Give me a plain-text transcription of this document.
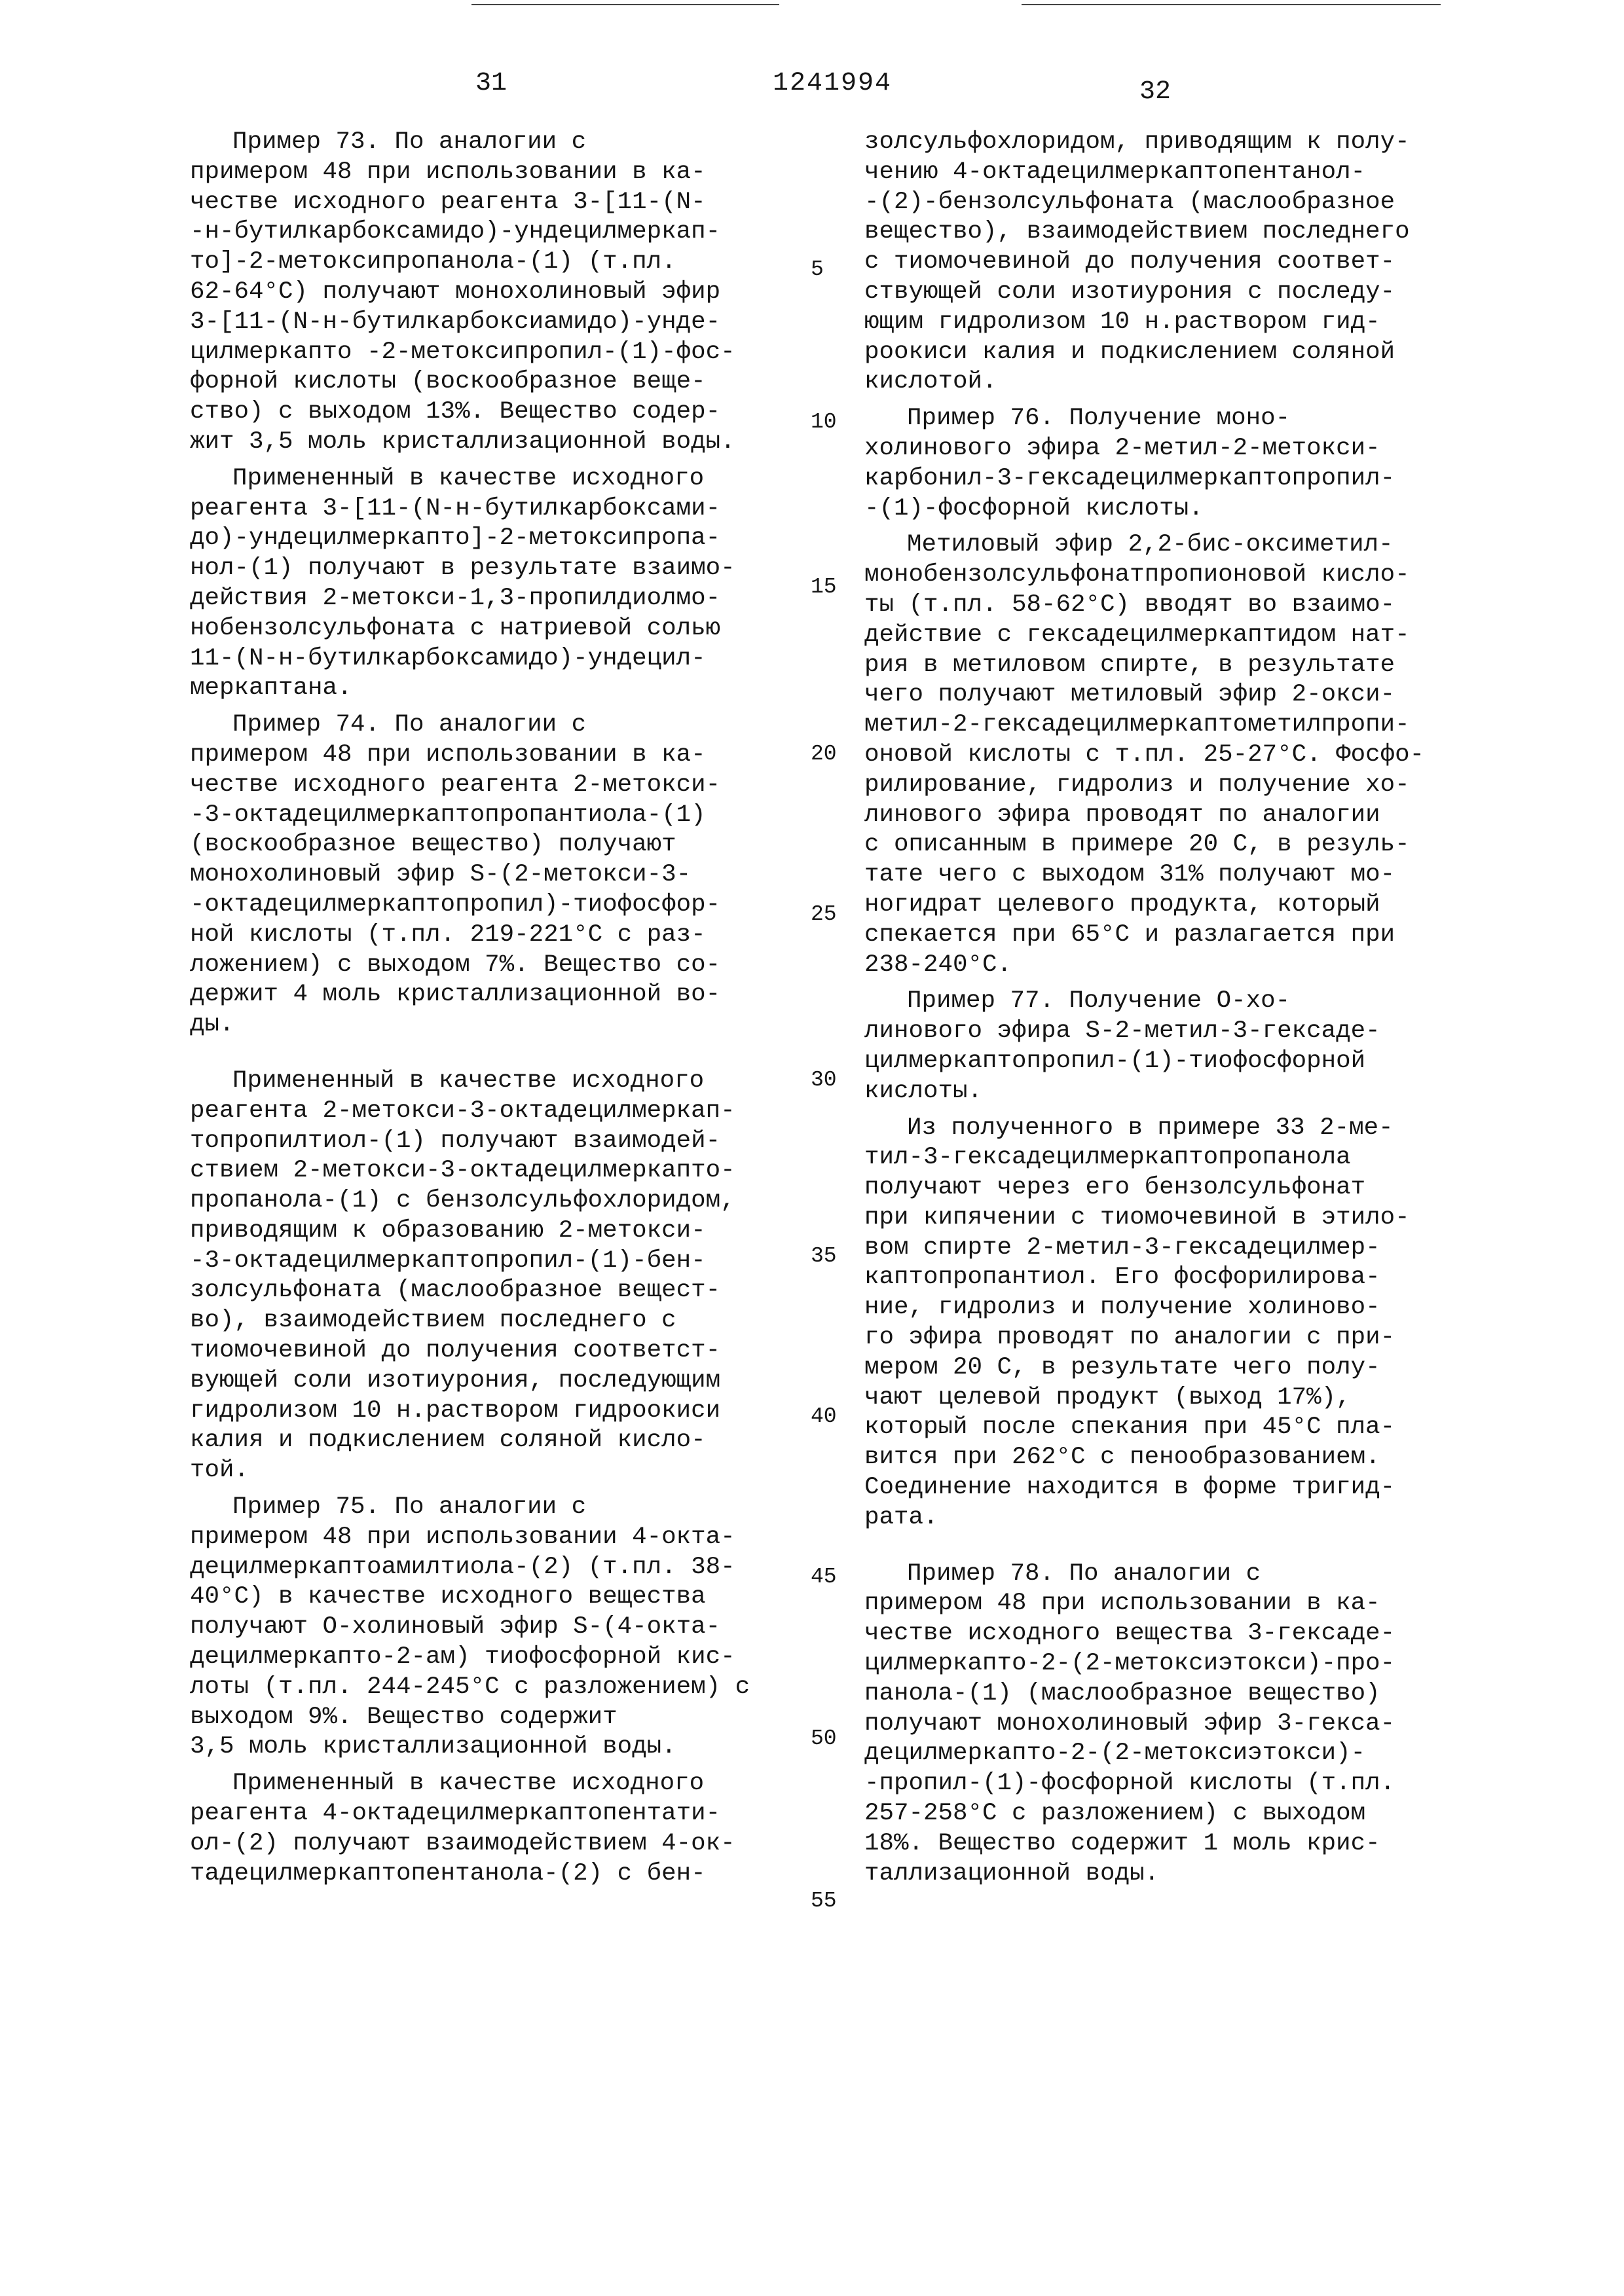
31	1241994	32

Пример 73. По аналогии с
примером 48 при использовании в ка-
честве исходного реагента 3-[11-(N-
-н-бутилкарбоксамидо)-ундецилмеркап-
то]-2-метоксипропанола-(1) (т.пл.
62-64°С) получают монохолиновый эфир
3-[11-(N-н-бутилкарбоксиамидо)-унде-
цилмеркапто -2-метоксипропил-(1)-фос-
форной кислоты (воскообразное веще-
ство) с выходом 13%. Вещество содер-
жит 3,5 моль кристаллизационной воды.

Примененный в качестве исходного
реагента 3-[11-(N-н-бутилкарбоксами-
до)-ундецилмеркапто]-2-метоксипропа-
нол-(1) получают в результате взаимо-
действия 2-метокси-1,3-пропилдиолмо-
нобензолсульфоната с натриевой солью
11-(N-н-бутилкарбоксамидо)-ундецил-
меркаптана.

Пример 74. По аналогии с
примером 48 при использовании в ка-
честве исходного реагента 2-метокси-
-3-октадецилмеркаптопропантиола-(1)
(воскообразное вещество) получают
монохолиновый эфир S-(2-метокси-3-
-октадецилмеркаптопропил)-тиофосфор-
ной кислоты (т.пл. 219-221°С с раз-
ложением) с выходом 7%. Вещество со-
держит 4 моль кристаллизационной во-
ды.

Примененный в качестве исходного
реагента 2-метокси-3-октадецилмеркап-
топропилтиол-(1) получают взаимодей-
ствием 2-метокси-3-октадецилмеркапто-
пропанола-(1) с бензолсульфохлоридом,
приводящим к образованию 2-метокси-
-3-октадецилмеркаптопропил-(1)-бен-
золсульфоната (маслообразное вещест-
во), взаимодействием последнего с
тиомочевиной до получения соответст-
вующей соли изотиурония, последующим
гидролизом 10 н.раствором гидроокиси
калия и подкислением соляной кисло-
той.

Пример 75. По аналогии с
примером 48 при использовании 4-окта-
децилмеркаптоамилтиола-(2) (т.пл. 38-
40°С) в качестве исходного вещества
получают О-холиновый эфир S-(4-окта-
децилмеркапто-2-ам) тиофосфорной кис-
лоты (т.пл. 244-245°С с разложением) с
выходом 9%. Вещество содержит
3,5 моль кристаллизационной воды.

Примененный в качестве исходного
реагента 4-октадецилмеркаптопентати-
ол-(2) получают взаимодействием 4-ок-
тадецилмеркаптопентанола-(2) с бен-

5
10
15
20
25
30
35
40
45
50
55

золсульфохлоридом, приводящим к полу-
чению 4-октадецилмеркаптопентанол-
-(2)-бензолсульфоната (маслообразное
вещество), взаимодействием последнего
с тиомочевиной до получения соответ-
ствующей соли изотиурония с последу-
ющим гидролизом 10 н.раствором гид-
роокиси калия и подкислением соляной
кислотой.

Пример 76. Получение моно-
холинового эфира 2-метил-2-метокси-
карбонил-3-гексадецилмеркаптопропил-
-(1)-фосфорной кислоты.

Метиловый эфир 2,2-бис-оксиметил-
монобензолсульфонатпропионовой кисло-
ты (т.пл. 58-62°С) вводят во взаимо-
действие с гексадецилмеркаптидом нат-
рия в метиловом спирте, в результате
чего получают метиловый эфир 2-окси-
метил-2-гексадецилмеркаптометилпропи-
оновой кислоты с т.пл. 25-27°С. Фосфо-
рилирование, гидролиз и получение хо-
линового эфира проводят по аналогии
с описанным в примере 20 С, в резуль-
тате чего с выходом 31% получают мо-
ногидрат целевого продукта, который
спекается при 65°С и разлагается при
238-240°С.

Пример 77. Получение О-хо-
линового эфира S-2-метил-3-гексаде-
цилмеркаптопропил-(1)-тиофосфорной
кислоты.

Из полученного в примере 33 2-ме-
тил-3-гексадецилмеркаптопропанола
получают через его бензолсульфонат
при кипячении с тиомочевиной в этило-
вом спирте 2-метил-3-гексадецилмер-
каптопропантиол. Его фосфорилирова-
ние, гидролиз и получение холиново-
го эфира проводят по аналогии с при-
мером 20 С, в результате чего полу-
чают целевой продукт (выход 17%),
который после спекания при 45°С пла-
вится при 262°С с пенообразованием.
Соединение находится в форме тригид-
рата.

Пример 78. По аналогии с
примером 48 при использовании в ка-
честве исходного вещества 3-гексаде-
цилмеркапто-2-(2-метоксиэтокси)-про-
панола-(1) (маслообразное вещество)
получают монохолиновый эфир 3-гекса-
децилмеркапто-2-(2-метоксиэтокси)-
-пропил-(1)-фосфорной кислоты (т.пл.
257-258°С с разложением) с выходом
18%. Вещество содержит 1 моль крис-
таллизационной воды.
